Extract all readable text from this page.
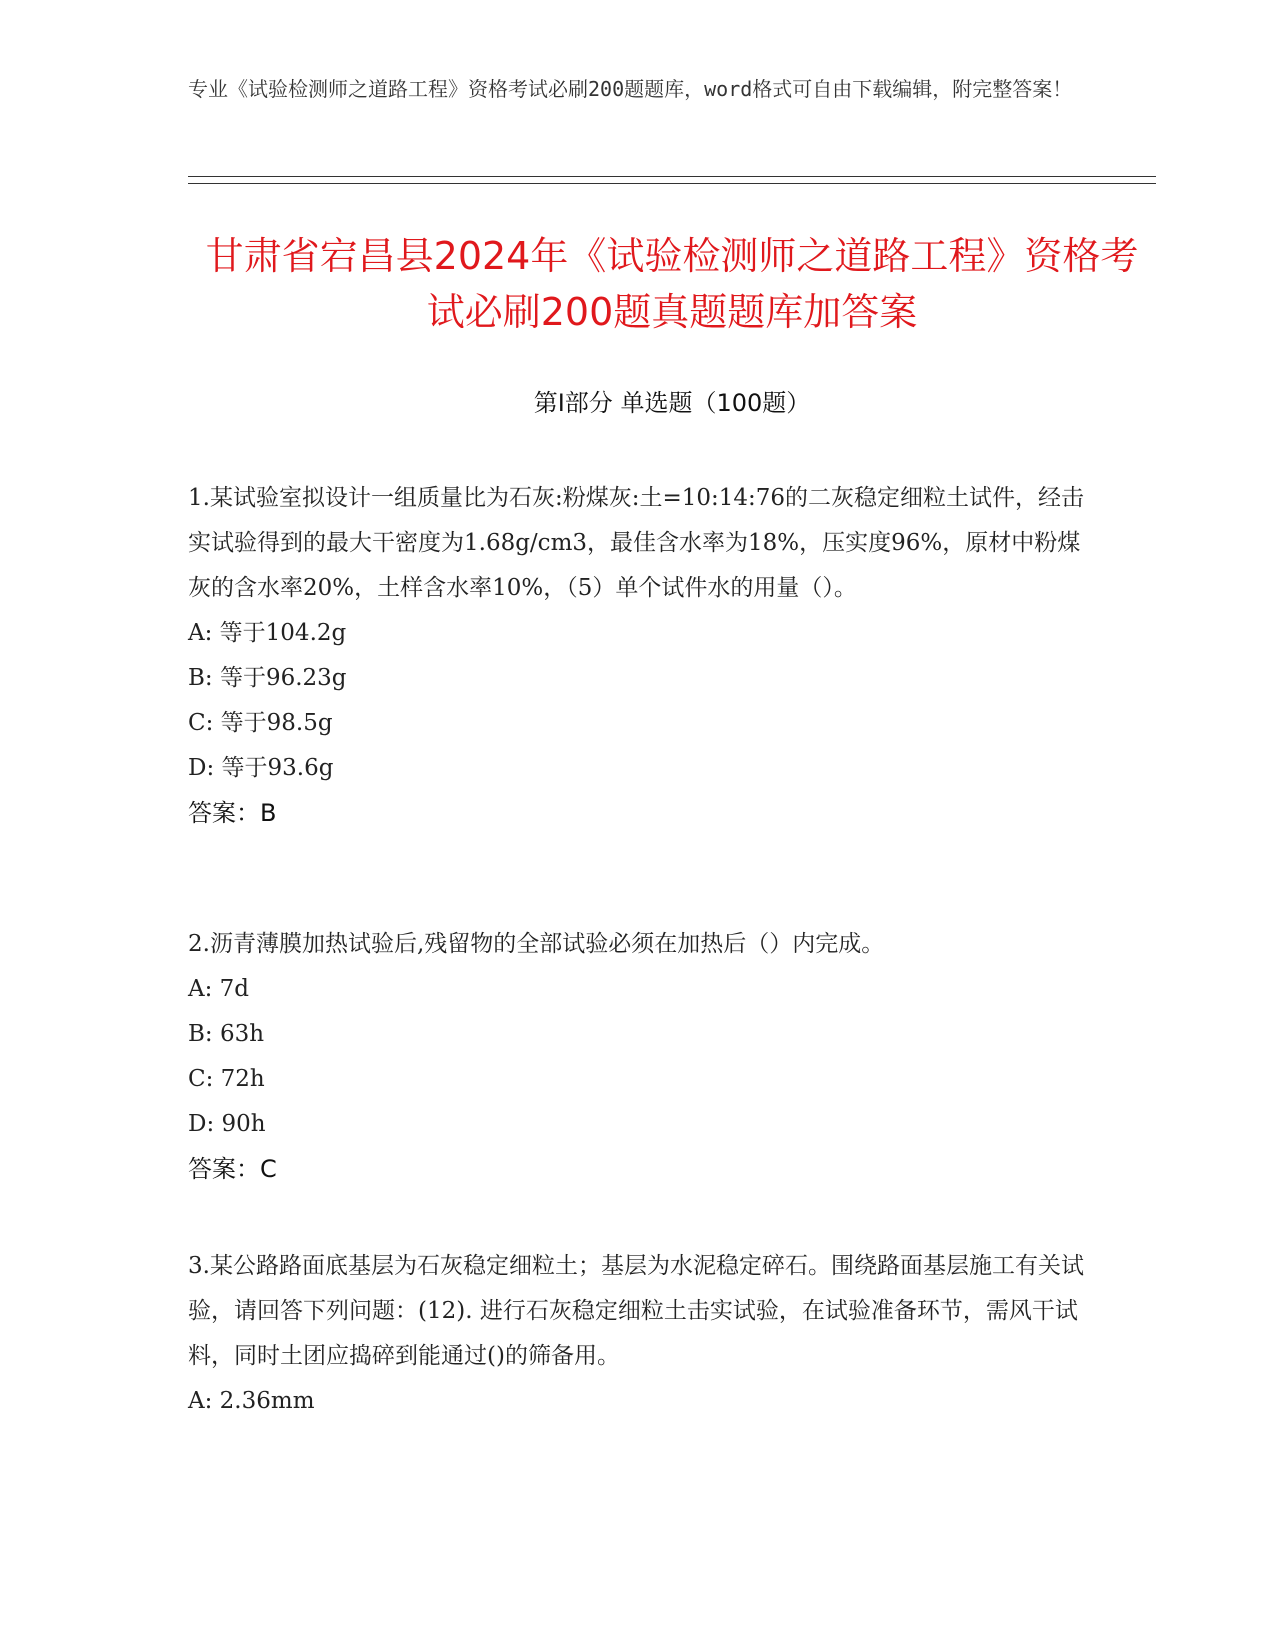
专业《试验检测师之道路工程》资格考试必刷200题题库，word格式可自由下载编辑，附完整答案！
甘肃省宕昌县2024年《试验检测师之道路工程》资格考试必刷200题真题题库加答案
第Ⅰ部分 单选题（100题）
1.某试验室拟设计一组质量比为石灰:粉煤灰:土=10:14:76的二灰稳定细粒土试件，经击实试验得到的最大干密度为1.68g/cm3，最佳含水率为18%，压实度96%，原材中粉煤灰的含水率20%，土样含水率10%，（5）单个试件水的用量（）。
A: 等于104.2g
B: 等于96.23g
C: 等于98.5g
D: 等于93.6g
答案：B
2.沥青薄膜加热试验后,残留物的全部试验必须在加热后（）内完成。
A: 7d
B: 63h
C: 72h
D: 90h
答案：C
3.某公路路面底基层为石灰稳定细粒土；基层为水泥稳定碎石。围绕路面基层施工有关试验，请回答下列问题：(12). 进行石灰稳定细粒土击实试验，在试验准备环节，需风干试料，同时土团应捣碎到能通过()的筛备用。
A: 2.36mm
